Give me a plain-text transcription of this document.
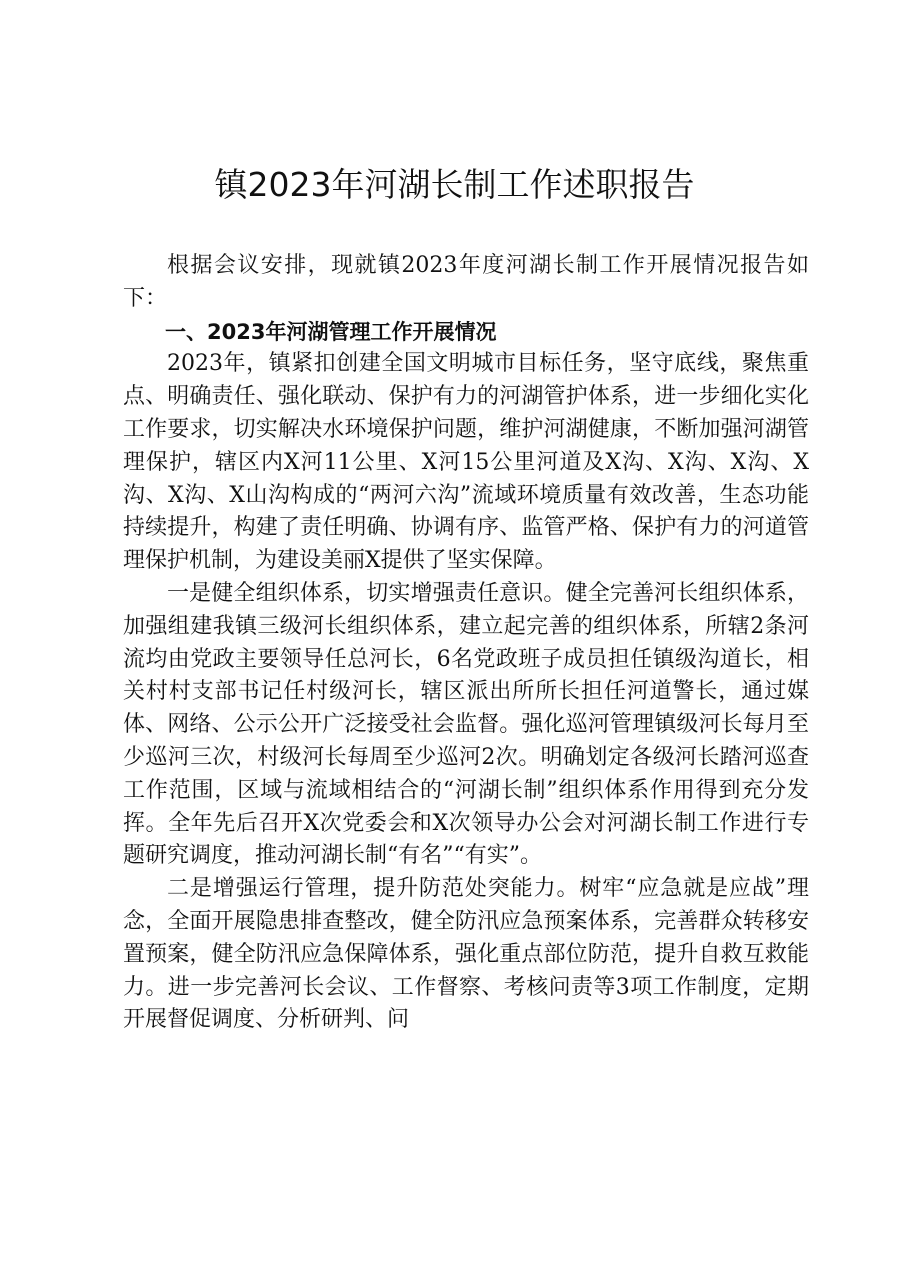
镇2023年河湖长制工作述职报告

根据会议安排，现就镇2023年度河湖长制工作开展情况报告如下：

一、2023年河湖管理工作开展情况

2023年，镇紧扣创建全国文明城市目标任务，坚守底线，聚焦重点、明确责任、强化联动、保护有力的河湖管护体系，进一步细化实化工作要求，切实解决水环境保护问题，维护河湖健康，不断加强河湖管理保护，辖区内X河11公里、X河15公里河道及X沟、X沟、X沟、X沟、X沟、X山沟构成的“两河六沟”流域环境质量有效改善，生态功能持续提升，构建了责任明确、协调有序、监管严格、保护有力的河道管理保护机制，为建设美丽X提供了坚实保障。

一是健全组织体系，切实增强责任意识。健全完善河长组织体系，加强组建我镇三级河长组织体系，建立起完善的组织体系，所辖2条河流均由党政主要领导任总河长，6名党政班子成员担任镇级沟道长，相关村村支部书记任村级河长，辖区派出所所长担任河道警长，通过媒体、网络、公示公开广泛接受社会监督。强化巡河管理镇级河长每月至少巡河三次，村级河长每周至少巡河2次。明确划定各级河长踏河巡查工作范围，区域与流域相结合的“河湖长制”组织体系作用得到充分发挥。全年先后召开X次党委会和X次领导办公会对河湖长制工作进行专题研究调度，推动河湖长制“有名”“有实”。

二是增强运行管理，提升防范处突能力。树牢“应急就是应战”理念，全面开展隐患排查整改，健全防汛应急预案体系，完善群众转移安置预案，健全防汛应急保障体系，强化重点部位防范，提升自救互救能力。进一步完善河长会议、工作督察、考核问责等3项工作制度，定期开展督促调度、分析研判、问
